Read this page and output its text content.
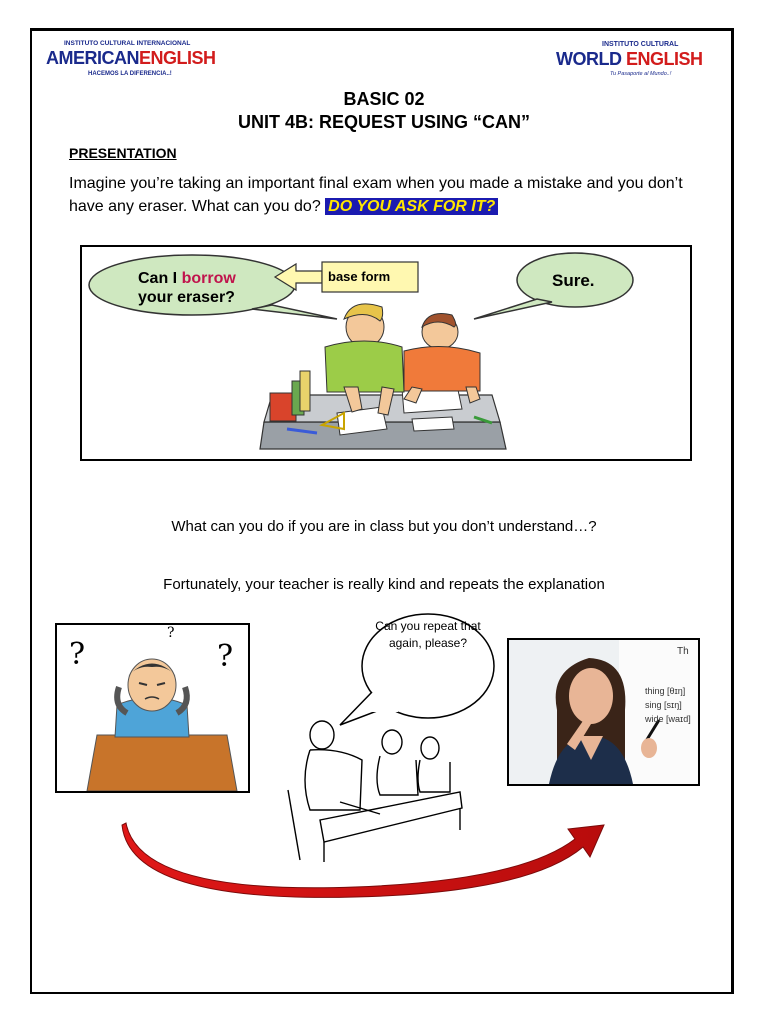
INSTITUTO CULTURAL INTERNACIONAL
AMERICANENGLISH
HACEMOS LA DIFERENCIA..!
INSTITUTO CULTURAL
WORLD ENGLISH
Tu Pasaporte al Mundo..!
BASIC 02
UNIT 4B: REQUEST USING “CAN”
PRESENTATION
Imagine you’re taking an important final exam when you made a mistake and you don’t have any eraser. What can you do? DO YOU ASK FOR IT?
Can I borrow
your eraser?
base form	Sure.
What can you do if you are in class but you don’t understand…?
Fortunately, your teacher is really kind and repeats the explanation
?
?
?
Can you repeat that again, please?
Th
thing [θɪŋ]
sing [sɪŋ]
wide [waɪd]
